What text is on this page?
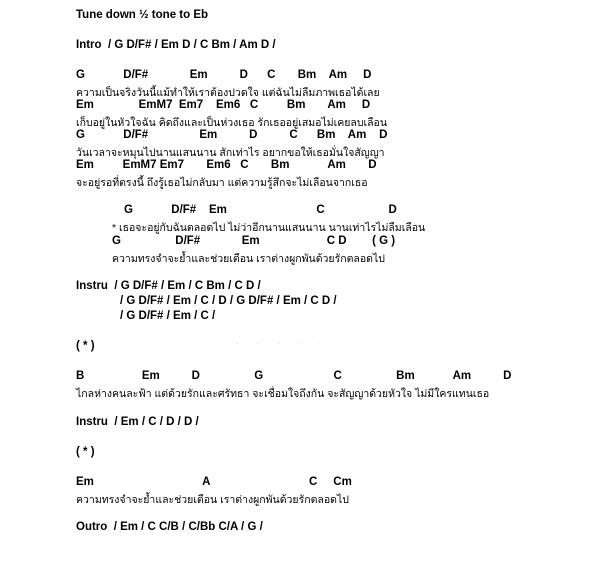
Tune down ½ tone to Eb
Intro  / G D/F# / Em D / C Bm / Am D /
G            D/F#             Em          D      C       Bm    Am     D
ความเป็นจริงวันนี้แม้ทำให้เราต้องปวดใจ แต่ฉันไม่ลืมภาพเธอได้เลย
Em              EmM7  Em7    Em6   C         Bm       Am     D
เก็บอยู่ในหัวใจฉัน คิดถึงและเป็นห่วงเธอ รักเธออยู่เสมอไม่เคยลบเลือน
G            D/F#                Em          D          C      Bm    Am    D
วันเวลาจะหมุนไปนานแสนนาน สักเท่าไร อยากขอให้เธอมั่นใจสัญญา
Em         EmM7 Em7       Em6   C       Bm            Am       D
จะอยู่รอที่ตรงนี้ ถึงรู้เธอไม่กลับมา แต่ความรู้สึกจะไม่เลือนจากเธอ
G            D/F#    Em                            C                    D
* เธอจะอยู่กับฉันตลอดไป ไม่ว่าอีกนานแสนนาน นานเท่าไรไม่ลืมเลือน
G                 D/F#             Em                     C D        ( G )
ความทรงจำจะย้ำและช่วยเตือน เราต่างผูกพันด้วยรักตลอดไป
Instru  / G D/F# / Em / C Bm / C D /
/ G D/F# / Em / C / D / G D/F# / Em / C D /
/ G D/F# / Em / C /
( * )	·····
B                  Em          D                 G                      C                 Bm            Am          D
ไกลห่างคนละฟ้า แต่ด้วยรักและศรัทธา จะเชื่อมใจถึงกัน จะสัญญาด้วยหัวใจ ไม่มีใครแทนเธอ
Instru  / Em / C / D / D /
( * )
Em                                  A                               C     Cm
ความทรงจำจะย้ำและช่วยเตือน เราต่างผูกพันด้วยรักตลอดไป
Outro  / Em / C C/B / C/Bb C/A / G /
